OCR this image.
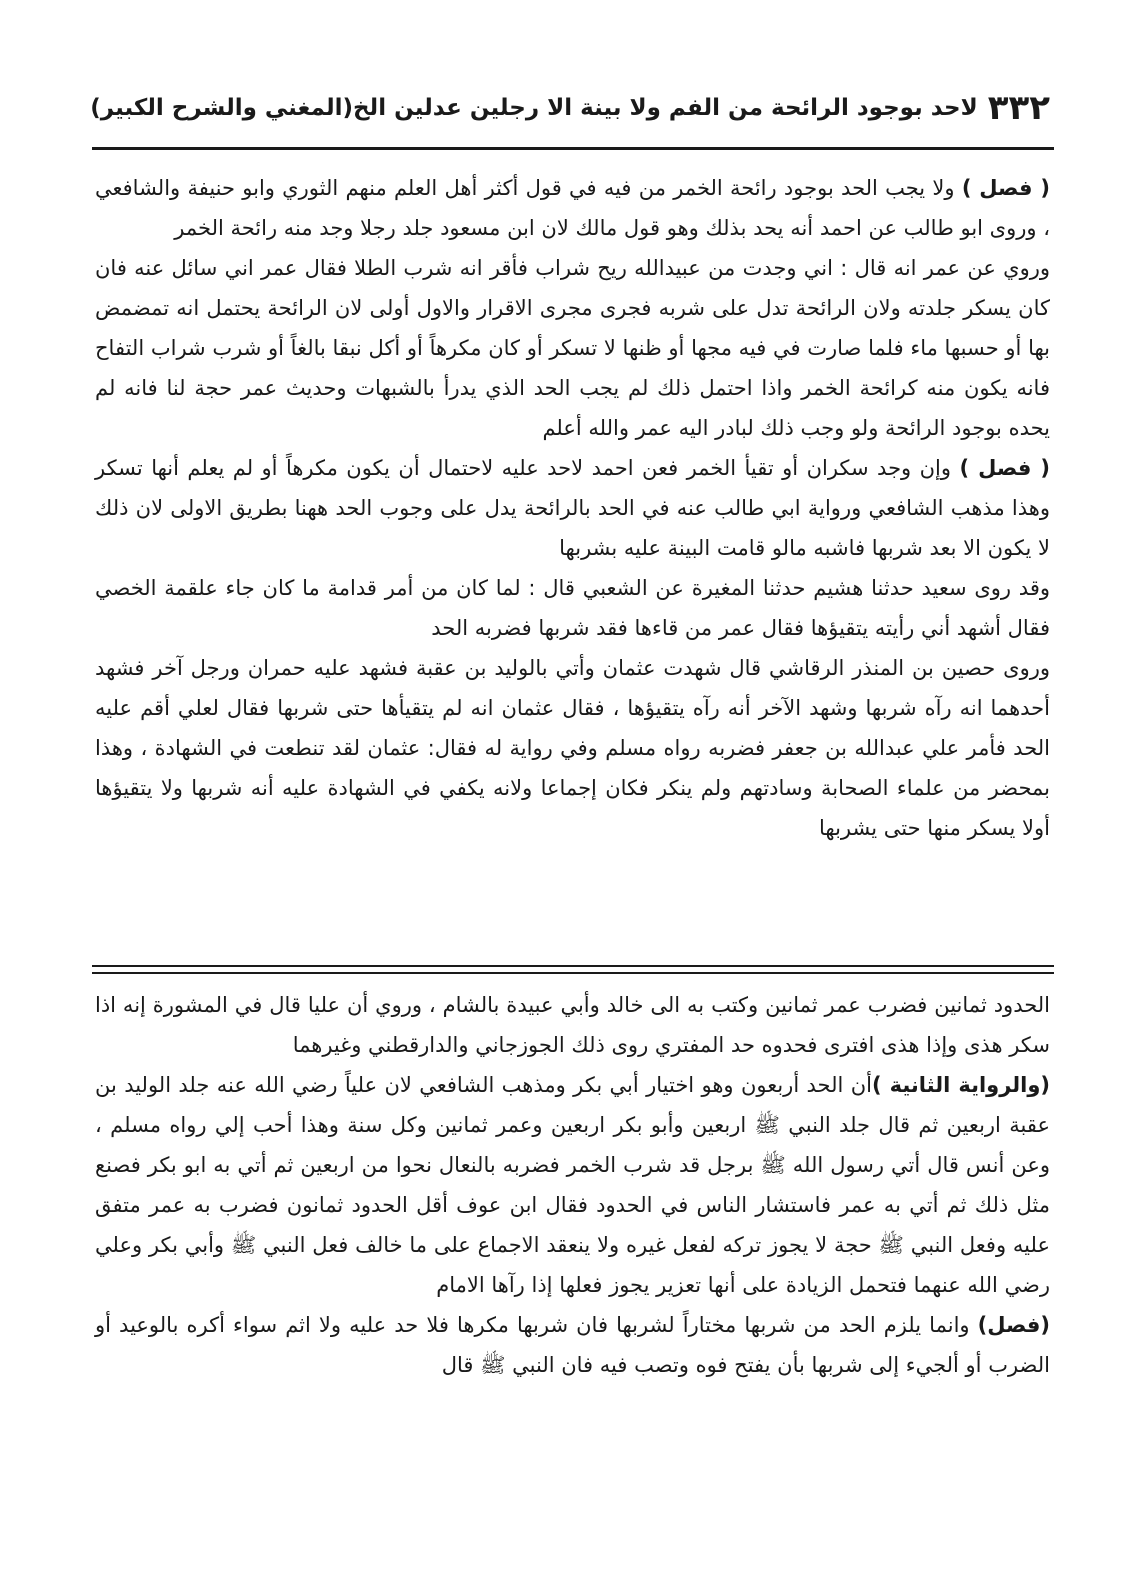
٣٣٢
لاحد بوجود الرائحة من الفم ولا بينة الا رجلين عدلين الخ
(المغني والشرح الكبير)

( فصل ) ولا يجب الحد بوجود رائحة الخمر من فيه في قول أكثر أهل العلم منهم الثوري وابو حنيفة والشافعي ، وروى ابو طالب عن احمد أنه يحد بذلك وهو قول مالك لان ابن مسعود جلد رجلا وجد منه رائحة الخمر

وروي عن عمر انه قال : اني وجدت من عبيدالله ريح شراب فأقر انه شرب الطلا فقال عمر اني سائل عنه فان كان يسكر جلدته ولان الرائحة تدل على شربه فجرى مجرى الاقرار والاول أولى لان الرائحة يحتمل انه تمضمض بها أو حسبها ماء فلما صارت في فيه مجها أو ظنها لا تسكر أو كان مكرهاً أو أكل نبقا بالغاً أو شرب شراب التفاح فانه يكون منه كرائحة الخمر واذا احتمل ذلك لم يجب الحد الذي يدرأ بالشبهات وحديث عمر حجة لنا فانه لم يحده بوجود الرائحة ولو وجب ذلك لبادر اليه عمر والله أعلم

( فصل ) وإن وجد سكران أو تقيأ الخمر فعن احمد لاحد عليه لاحتمال أن يكون مكرهاً أو لم يعلم أنها تسكر وهذا مذهب الشافعي ورواية ابي طالب عنه في الحد بالرائحة يدل على وجوب الحد ههنا بطريق الاولى لان ذلك لا يكون الا بعد شربها فاشبه مالو قامت البينة عليه بشربها

وقد روى سعيد حدثنا هشيم حدثنا المغيرة عن الشعبي قال : لما كان من أمر قدامة ما كان جاء علقمة الخصي فقال أشهد أني رأيته يتقيؤها فقال عمر من قاءها فقد شربها فضربه الحد

وروى حصين بن المنذر الرقاشي قال شهدت عثمان وأتي بالوليد بن عقبة فشهد عليه حمران ورجل آخر فشهد أحدهما انه رآه شربها وشهد الآخر أنه رآه يتقيؤها ، فقال عثمان انه لم يتقيأها حتى شربها فقال لعلي أقم عليه الحد فأمر علي عبدالله بن جعفر فضربه رواه مسلم وفي رواية له فقال: عثمان لقد تنطعت في الشهادة ، وهذا بمحضر من علماء الصحابة وسادتهم ولم ينكر فكان إجماعا ولانه يكفي في الشهادة عليه أنه شربها ولا يتقيؤها أولا يسكر منها حتى يشربها

الحدود ثمانين فضرب عمر ثمانين وكتب به الى خالد وأبي عبيدة بالشام ، وروي أن عليا قال في المشورة إنه اذا سكر هذى وإذا هذى افترى فحدوه حد المفتري روى ذلك الجوزجاني والدارقطني وغيرهما

(والرواية الثانية )أن الحد أربعون وهو اختيار أبي بكر ومذهب الشافعي لان علياً رضي الله عنه جلد الوليد بن عقبة اربعين ثم قال جلد النبي ﷺ اربعين وأبو بكر اربعين وعمر ثمانين وكل سنة وهذا أحب إلي رواه مسلم ، وعن أنس قال أتي رسول الله ﷺ برجل قد شرب الخمر فضربه بالنعال نحوا من اربعين ثم أتي به ابو بكر فصنع مثل ذلك ثم أتي به عمر فاستشار الناس في الحدود فقال ابن عوف أقل الحدود ثمانون فضرب به عمر متفق عليه وفعل النبي ﷺ حجة لا يجوز تركه لفعل غيره ولا ينعقد الاجماع على ما خالف فعل النبي ﷺ وأبي بكر وعلي رضي الله عنهما فتحمل الزيادة على أنها تعزير يجوز فعلها إذا رآها الامام

(فصل) وانما يلزم الحد من شربها مختاراً لشربها فان شربها مكرها فلا حد عليه ولا اثم سواء أكره بالوعيد أو الضرب أو ألجيء إلى شربها بأن يفتح فوه وتصب فيه فان النبي ﷺ قال
